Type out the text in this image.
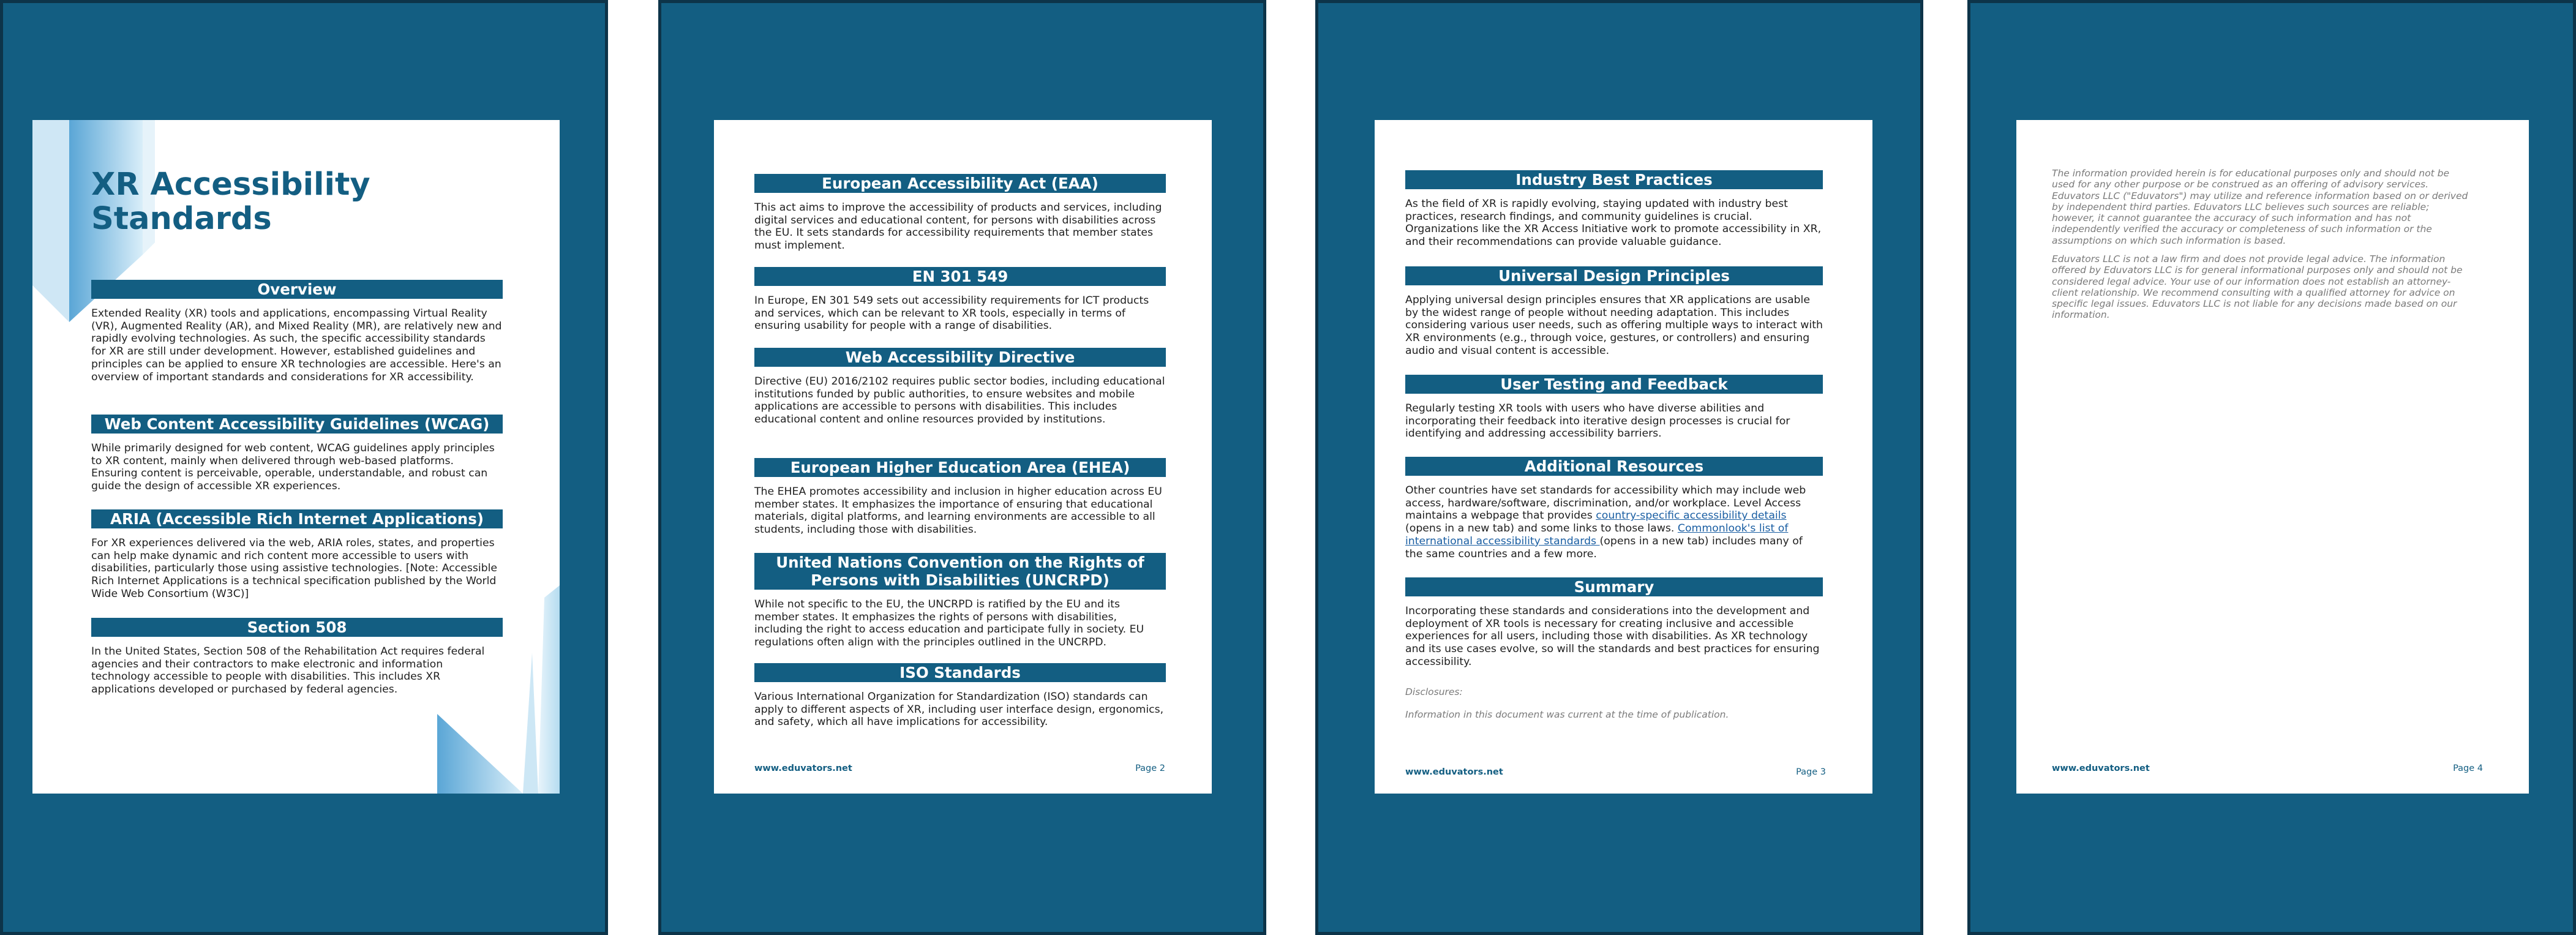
XR Accessibility
Standards
Overview
Extended Reality (XR) tools and applications, encompassing Virtual Reality (VR), Augmented Reality (AR), and Mixed Reality (MR), are relatively new and rapidly evolving technologies. As such, the specific accessibility standards for XR are still under development. However, established guidelines and principles can be applied to ensure XR technologies are accessible. Here's an overview of important standards and considerations for XR accessibility.
Web Content Accessibility Guidelines (WCAG)
While primarily designed for web content, WCAG guidelines apply principles to XR content, mainly when delivered through web-based platforms. Ensuring content is perceivable, operable, understandable, and robust can guide the design of accessible XR experiences.
ARIA (Accessible Rich Internet Applications)
For XR experiences delivered via the web, ARIA roles, states, and properties can help make dynamic and rich content more accessible to users with disabilities, particularly those using assistive technologies. [Note: Accessible Rich Internet Applications is a technical specification published by the World Wide Web Consortium (W3C)]
Section 508
In the United States, Section 508 of the Rehabilitation Act requires federal agencies and their contractors to make electronic and information technology accessible to people with disabilities. This includes XR applications developed or purchased by federal agencies.
European Accessibility Act (EAA)
This act aims to improve the accessibility of products and services, including digital services and educational content, for persons with disabilities across the EU. It sets standards for accessibility requirements that member states must implement.
EN 301 549
In Europe, EN 301 549 sets out accessibility requirements for ICT products and services, which can be relevant to XR tools, especially in terms of ensuring usability for people with a range of disabilities.
Web Accessibility Directive
Directive (EU) 2016/2102 requires public sector bodies, including educational institutions funded by public authorities, to ensure websites and mobile applications are accessible to persons with disabilities. This includes educational content and online resources provided by institutions.
European Higher Education Area (EHEA)
The EHEA promotes accessibility and inclusion in higher education across EU member states. It emphasizes the importance of ensuring that educational materials, digital platforms, and learning environments are accessible to all students, including those with disabilities.
United Nations Convention on the Rights of Persons with Disabilities (UNCRPD)
While not specific to the EU, the UNCRPD is ratified by the EU and its member states. It emphasizes the rights of persons with disabilities, including the right to access education and participate fully in society. EU regulations often align with the principles outlined in the UNCRPD.
ISO Standards
Various International Organization for Standardization (ISO) standards can apply to different aspects of XR, including user interface design, ergonomics, and safety, which all have implications for accessibility.
www.eduvators.net	Page 2
Industry Best Practices
As the field of XR is rapidly evolving, staying updated with industry best practices, research findings, and community guidelines is crucial. Organizations like the XR Access Initiative work to promote accessibility in XR, and their recommendations can provide valuable guidance.
Universal Design Principles
Applying universal design principles ensures that XR applications are usable by the widest range of people without needing adaptation. This includes considering various user needs, such as offering multiple ways to interact with XR environments (e.g., through voice, gestures, or controllers) and ensuring audio and visual content is accessible.
User Testing and Feedback
Regularly testing XR tools with users who have diverse abilities and incorporating their feedback into iterative design processes is crucial for identifying and addressing accessibility barriers.
Additional Resources
Other countries have set standards for accessibility which may include web access, hardware/software, discrimination, and/or workplace. Level Access maintains a webpage that provides country-specific accessibility details (opens in a new tab) and some links to those laws. Commonlook's list of international accessibility standards (opens in a new tab) includes many of the same countries and a few more.
Summary
Incorporating these standards and considerations into the development and deployment of XR tools is necessary for creating inclusive and accessible experiences for all users, including those with disabilities. As XR technology and its use cases evolve, so will the standards and best practices for ensuring accessibility.
Disclosures:
Information in this document was current at the time of publication.
www.eduvators.net	Page 3
The information provided herein is for educational purposes only and should not be used for any other purpose or be construed as an offering of advisory services. Eduvators LLC ("Eduvators") may utilize and reference information based on or derived by independent third parties. Eduvators LLC believes such sources are reliable; however, it cannot guarantee the accuracy of such information and has not independently verified the accuracy or completeness of such information or the assumptions on which such information is based.
Eduvators LLC is not a law firm and does not provide legal advice. The information offered by Eduvators LLC is for general informational purposes only and should not be considered legal advice. Your use of our information does not establish an attorney-client relationship. We recommend consulting with a qualified attorney for advice on specific legal issues. Eduvators LLC is not liable for any decisions made based on our information.
www.eduvators.net	Page 4
